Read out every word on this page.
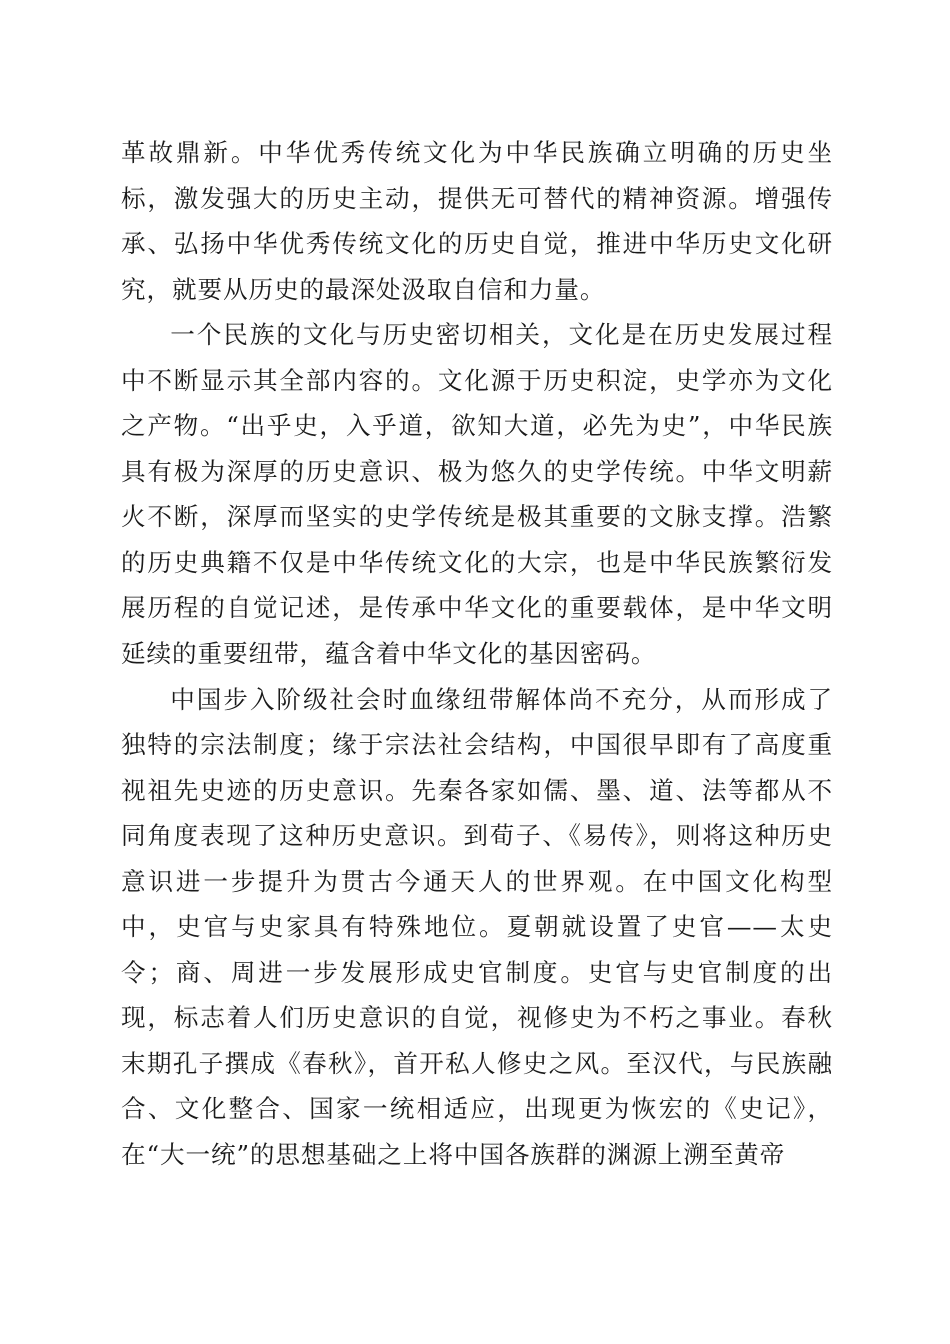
革故鼎新。中华优秀传统文化为中华民族确立明确的历史坐标，激发强大的历史主动，提供无可替代的精神资源。增强传承、弘扬中华优秀传统文化的历史自觉，推进中华历史文化研究，就要从历史的最深处汲取自信和力量。

一个民族的文化与历史密切相关，文化是在历史发展过程中不断显示其全部内容的。文化源于历史积淀，史学亦为文化之产物。“出乎史，入乎道，欲知大道，必先为史”，中华民族具有极为深厚的历史意识、极为悠久的史学传统。中华文明薪火不断，深厚而坚实的史学传统是极其重要的文脉支撑。浩繁的历史典籍不仅是中华传统文化的大宗，也是中华民族繁衍发展历程的自觉记述，是传承中华文化的重要载体，是中华文明延续的重要纽带，蕴含着中华文化的基因密码。

中国步入阶级社会时血缘纽带解体尚不充分，从而形成了独特的宗法制度；缘于宗法社会结构，中国很早即有了高度重视祖先史迹的历史意识。先秦各家如儒、墨、道、法等都从不同角度表现了这种历史意识。到荀子、《易传》，则将这种历史意识进一步提升为贯古今通天人的世界观。在中国文化构型中，史官与史家具有特殊地位。夏朝就设置了史官——太史令；商、周进一步发展形成史官制度。史官与史官制度的出现，标志着人们历史意识的自觉，视修史为不朽之事业。春秋末期孔子撰成《春秋》，首开私人修史之风。至汉代，与民族融合、文化整合、国家一统相适应，出现更为恢宏的《史记》，在“大一统”的思想基础之上将中国各族群的渊源上溯至黄帝
